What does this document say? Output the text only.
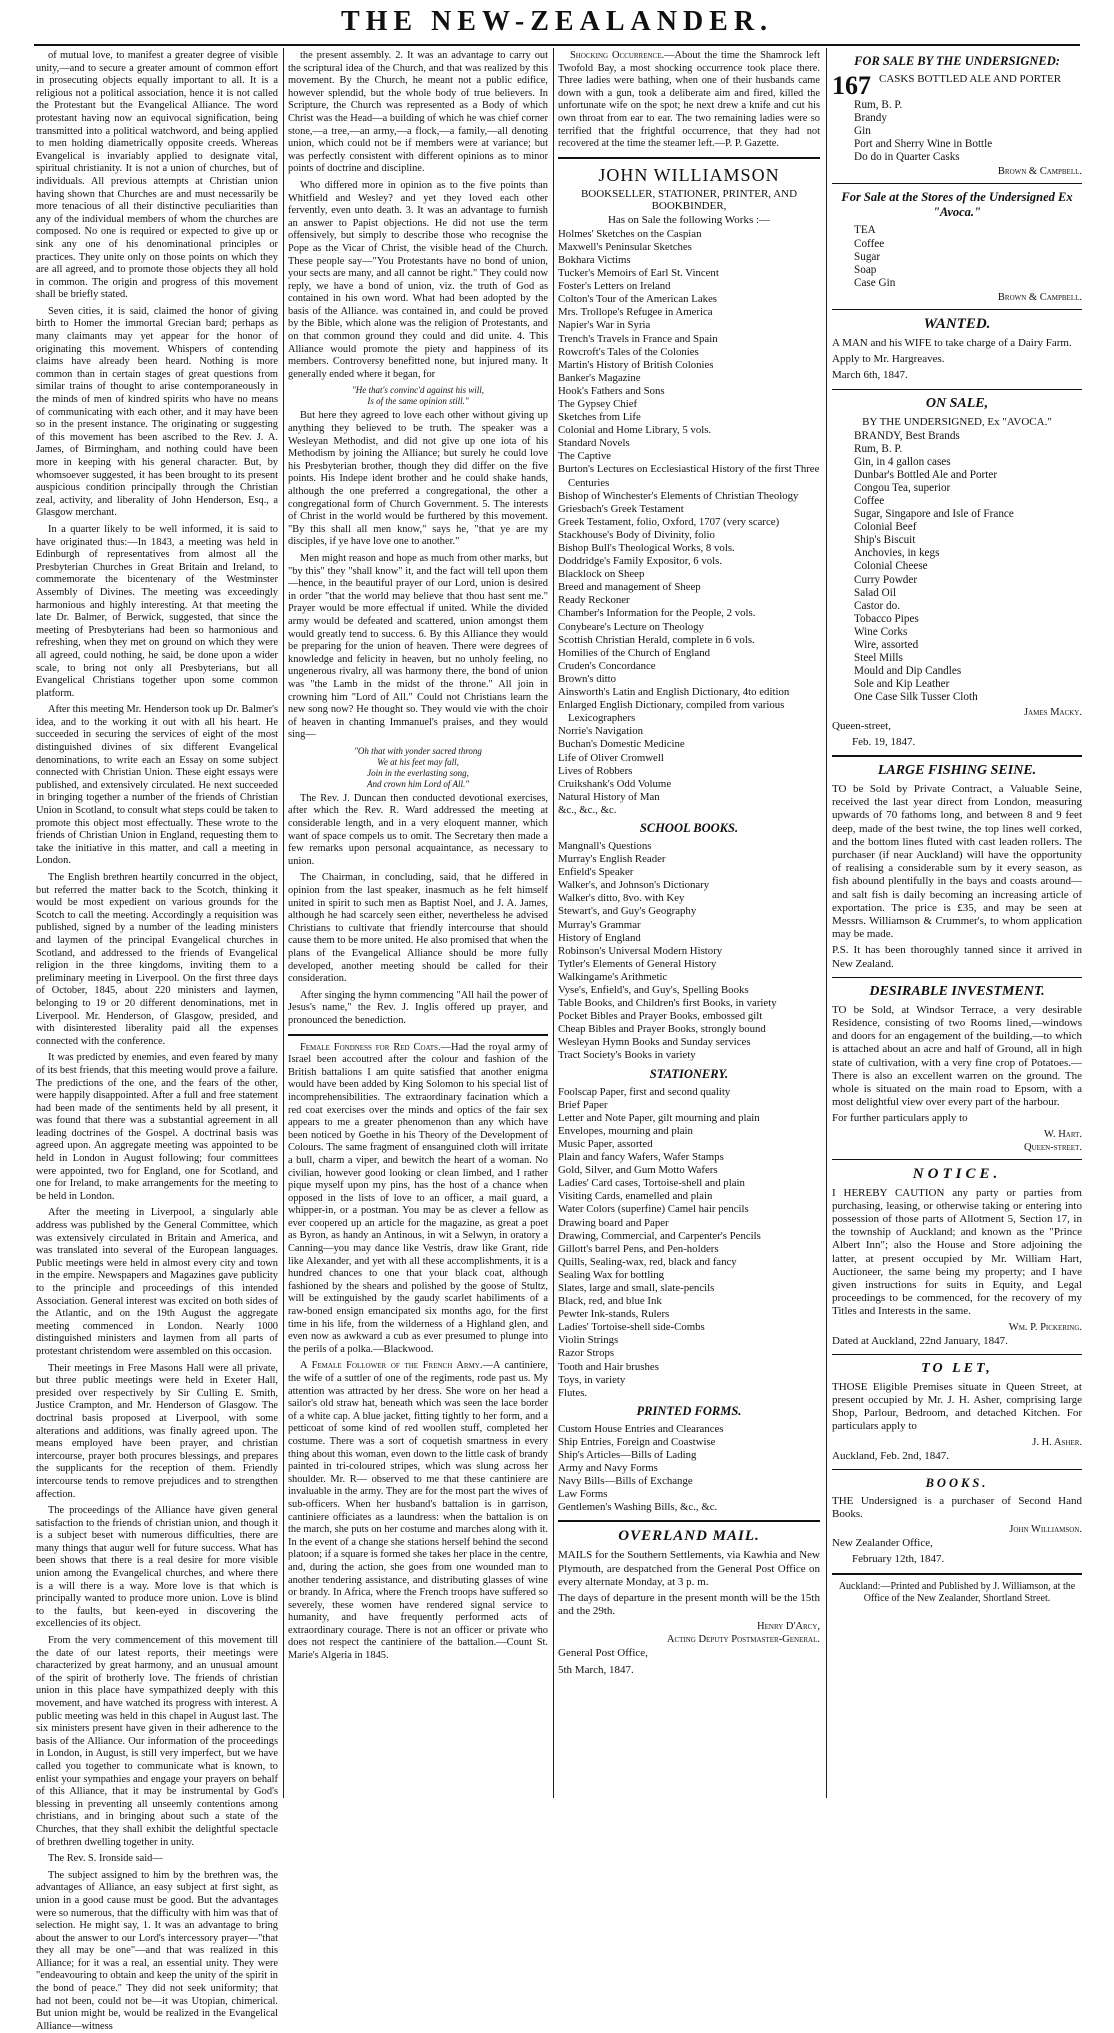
THE NEW-ZEALANDER.

of mutual love, to manifest a greater degree of visible unity,—and to secure a greater amount of common effort in prosecuting objects equally important to all. It is a religious not a political association, hence it is not called the Protestant but the Evangelical Alliance. The word protestant having now an equivocal signification, being transmitted into a political watchword, and being applied to men holding diametrically opposite creeds. Whereas Evangelical is invariably applied to designate vital, spiritual christianity. It is not a union of churches, but of individuals. All previous attempts at Christian union having shown that Churches are and must necessarily be more tenacious of all their distinctive peculiarities than any of the individual members of whom the churches are composed. No one is required or expected to give up or sink any one of his denominational principles or practices. They unite only on those points on which they are all agreed, and to promote those objects they all hold in common. The origin and progress of this movement shall be briefly stated.

Seven cities, it is said, claimed the honor of giving birth to Homer the immortal Grecian bard; perhaps as many claimants may yet appear for the honor of originating this movement. Whispers of contending claims have already been heard. Nothing is more common than in certain stages of great questions from similar trains of thought to arise contemporaneously in the minds of men of kindred spirits who have no means of communicating with each other, and it may have been so in the present instance. The originating or suggesting of this movement has been ascribed to the Rev. J. A. James, of Birmingham, and nothing could have been more in keeping with his general character. But, by whomsoever suggested, it has been brought to its present auspicious condition principally through the Christian zeal, activity, and liberality of John Henderson, Esq., a Glasgow merchant.

In a quarter likely to be well informed, it is said to have originated thus:—In 1843, a meeting was held in Edinburgh of representatives from almost all the Presbyterian Churches in Great Britain and Ireland, to commemorate the bicentenary of the Westminster Assembly of Divines. The meeting was exceedingly harmonious and highly interesting. At that meeting the late Dr. Balmer, of Berwick, suggested, that since the meeting of Presbyterians had been so harmonious and refreshing, when they met on ground on which they were all agreed, could nothing, he said, be done upon a wider scale, to bring not only all Presbyterians, but all Evangelical Christians together upon some common platform.

After this meeting Mr. Henderson took up Dr. Balmer's idea, and to the working it out with all his heart. He succeeded in securing the services of eight of the most distinguished divines of six different Evangelical denominations, to write each an Essay on some subject connected with Christian Union. These eight essays were published, and extensively circulated. He next succeeded in bringing together a number of the friends of Christian Union in Scotland, to consult what steps could be taken to promote this object most effectually. These wrote to the friends of Christian Union in England, requesting them to take the initiative in this matter, and call a meeting in London.

The English brethren heartily concurred in the object, but referred the matter back to the Scotch, thinking it would be most expedient on various grounds for the Scotch to call the meeting. Accordingly a requisition was published, signed by a number of the leading ministers and laymen of the principal Evangelical churches in Scotland, and addressed to the friends of Evangelical religion in the three kingdoms, inviting them to a preliminary meeting in Liverpool. On the first three days of October, 1845, about 220 ministers and laymen, belonging to 19 or 20 different denominations, met in Liverpool. Mr. Henderson, of Glasgow, presided, and with disinterested liberality paid all the expenses connected with the conference.

It was predicted by enemies, and even feared by many of its best friends, that this meeting would prove a failure. The predictions of the one, and the fears of the other, were happily disappointed. After a full and free statement had been made of the sentiments held by all present, it was found that there was a substantial agreement in all leading doctrines of the Gospel. A doctrinal basis was agreed upon. An aggregate meeting was appointed to be held in London in August following; four committees were appointed, two for England, one for Scotland, and one for Ireland, to make arrangements for the meeting to be held in London.

After the meeting in Liverpool, a singularly able address was published by the General Committee, which was extensively circulated in Britain and America, and was translated into several of the European languages. Public meetings were held in almost every city and town in the empire. Newspapers and Magazines gave publicity to the principle and proceedings of this intended Association. General interest was excited on both sides of the Atlantic, and on the 19th August the aggregate meeting commenced in London. Nearly 1000 distinguished ministers and laymen from all parts of protestant christendom were assembled on this occasion.

Their meetings in Free Masons Hall were all private, but three public meetings were held in Exeter Hall, presided over respectively by Sir Culling E. Smith, Justice Crampton, and Mr. Henderson of Glasgow. The doctrinal basis proposed at Liverpool, with some alterations and additions, was finally agreed upon. The means employed have been prayer, and christian intercourse, prayer both procures blessings, and prepares the supplicants for the reception of them. Friendly intercourse tends to remove prejudices and to strengthen affection.

The proceedings of the Alliance have given general satisfaction to the friends of christian union, and though it is a subject beset with numerous difficulties, there are many things that augur well for future success. What has been shows that there is a real desire for more visible union among the Evangelical churches, and where there is a will there is a way. More love is that which is principally wanted to produce more union. Love is blind to the faults, but keen-eyed in discovering the excellencies of its object.

From the very commencement of this movement till the date of our latest reports, their meetings were characterized by great harmony, and an unusual amount of the spirit of brotherly love. The friends of christian union in this place have sympathized deeply with this movement, and have watched its progress with interest. A public meeting was held in this chapel in August last. The six ministers present have given in their adherence to the basis of the Alliance. Our information of the proceedings in London, in August, is still very imperfect, but we have called you together to communicate what is known, to enlist your sympathies and engage your prayers on behalf of this Alliance, that it may be instrumental by God's blessing in preventing all unseemly contentions among christians, and in bringing about such a state of the Churches, that they shall exhibit the delightful spectacle of brethren dwelling together in unity.

The Rev. S. Ironside said—

The subject assigned to him by the brethren was, the advantages of Alliance, an easy subject at first sight, as union in a good cause must be good. But the advantages were so numerous, that the difficulty with him was that of selection. He might say, 1. It was an advantage to bring about the answer to our Lord's intercessory prayer—"that they all may be one"—and that was realized in this Alliance; for it was a real, an essential unity. They were "endeavouring to obtain and keep the unity of the spirit in the bond of peace." They did not seek uniformity; that had not been, could not be—it was Utopian, chimerical. But union might be, would be realized in the Evangelical Alliance—witness

the present assembly. 2. It was an advantage to carry out the scriptural idea of the Church, and that was realized by this movement. By the Church, he meant not a public edifice, however splendid, but the whole body of true believers. In Scripture, the Church was represented as a Body of which Christ was the Head—a building of which he was chief corner stone,—a tree,—an army,—a flock,—a family,—all denoting union, which could not be if members were at variance; but was perfectly consistent with different opinions as to minor points of doctrine and discipline.

Who differed more in opinion as to the five points than Whitfield and Wesley? and yet they loved each other fervently, even unto death. 3. It was an advantage to furnish an answer to Papist objections. He did not use the term offensively, but simply to describe those who recognise the Pope as the Vicar of Christ, the visible head of the Church. These people say—"You Protestants have no bond of union, your sects are many, and all cannot be right." They could now reply, we have a bond of union, viz. the truth of God as contained in his own word. What had been adopted by the basis of the Alliance. was contained in, and could be proved by the Bible, which alone was the religion of Protestants, and on that common ground they could and did unite. 4. This Alliance would promote the piety and happiness of its members. Controversy benefitted none, but injured many. It generally ended where it began, for

"He that's convinc'd against his will,
Is of the same opinion still."

But here they agreed to love each other without giving up anything they believed to be truth. The speaker was a Wesleyan Methodist, and did not give up one iota of his Methodism by joining the Alliance; but surely he could love his Presbyterian brother, though they did differ on the five points. His Indepe ident brother and he could shake hands, although the one preferred a congregational, the other a congregational form of Church Government. 5. The interests of Christ in the world would be furthered by this movement. "By this shall all men know," says he, "that ye are my disciples, if ye have love one to another."

Men might reason and hope as much from other marks, but "by this" they "shall know" it, and the fact will tell upon them—hence, in the beautiful prayer of our Lord, union is desired in order "that the world may believe that thou hast sent me." Prayer would be more effectual if united. While the divided army would be defeated and scattered, union amongst them would greatly tend to success. 6. By this Alliance they would be preparing for the union of heaven. There were degrees of knowledge and felicity in heaven, but no unholy feeling, no ungenerous rivalry, all was harmony there, the bond of union was "the Lamb in the midst of the throne." All join in crowning him "Lord of All." Could not Christians learn the new song now? He thought so. They would vie with the choir of heaven in chanting Immanuel's praises, and they would sing—

"Oh that with yonder sacred throng
We at his feet may fall,
Join in the everlasting song,
And crown him Lord of All."

The Rev. J. Duncan then conducted devotional exercises, after which the Rev. R. Ward addressed the meeting at considerable length, and in a very eloquent manner, which want of space compels us to omit. The Secretary then made a few remarks upon personal acquaintance, as necessary to union.

The Chairman, in concluding, said, that he differed in opinion from the last speaker, inasmuch as he felt himself united in spirit to such men as Baptist Noel, and J. A. James, although he had scarcely seen either, nevertheless he advised Christians to cultivate that friendly intercourse that should cause them to be more united. He also promised that when the plans of the Evangelical Alliance should be more fully developed, another meeting should be called for their consideration.

After singing the hymn commencing "All hail the power of Jesus's name," the Rev. J. Inglis offered up prayer, and pronounced the benediction.

Female Fondness for Red Coats.—Had the royal army of Israel been accoutred after the colour and fashion of the British battalions I am quite satisfied that another enigma would have been added by King Solomon to his special list of incomprehensibilities. The extraordinary facination which a red coat exercises over the minds and optics of the fair sex appears to me a greater phenomenon than any which have been noticed by Goethe in his Theory of the Development of Colours. The same fragment of ensanguined cloth will irritate a bull, charm a viper, and bewitch the heart of a woman. No civilian, however good looking or clean limbed, and I rather pique myself upon my pins, has the host of a chance when opposed in the lists of love to an officer, a mail guard, a whipper-in, or a postman. You may be as clever a fellow as ever coopered up an article for the magazine, as great a poet as Byron, as handy an Antinous, in wit a Selwyn, in oratory a Canning—you may dance like Vestris, draw like Grant, ride like Alexander, and yet with all these accomplishments, it is a hundred chances to one that your black coat, although fashioned by the shears and polished by the goose of Stultz, will be extinguished by the gaudy scarlet habiliments of a raw-boned ensign emancipated six months ago, for the first time in his life, from the wilderness of a Highland glen, and even now as awkward a cub as ever presumed to plunge into the perils of a polka.—Blackwood.

A Female Follower of the French Army.—A cantiniere, the wife of a suttler of one of the regiments, rode past us. My attention was attracted by her dress. She wore on her head a sailor's old straw hat, beneath which was seen the lace border of a white cap. A blue jacket, fitting tightly to her form, and a petticoat of some kind of red woollen stuff, completed her costume. There was a sort of coquetish smartness in every thing about this woman, even down to the little cask of brandy painted in tri-coloured stripes, which was slung across her shoulder. Mr. R— observed to me that these cantiniere are invaluable in the army. They are for the most part the wives of sub-officers. When her husband's battalion is in garrison, cantiniere officiates as a laundress: when the battalion is on the march, she puts on her costume and marches along with it. In the event of a change she stations herself behind the second platoon; if a square is formed she takes her place in the centre, and, during the action, she goes from one wounded man to another tendering assistance, and distributing glasses of wine or brandy. In Africa, where the French troops have suffered so severely, these women have rendered signal service to humanity, and have frequently performed acts of extraordinary courage. There is not an officer or private who does not respect the cantiniere of the battalion.—Count St. Marie's Algeria in 1845.

Shocking Occurrence.—About the time the Shamrock left Twofold Bay, a most shocking occurrence took place there. Three ladies were bathing, when one of their husbands came down with a gun, took a deliberate aim and fired, killed the unfortunate wife on the spot; he next drew a knife and cut his own throat from ear to ear. The two remaining ladies were so terrified that the frightful occurrence, that they had not recovered at the time the steamer left.—P. P. Gazette.

JOHN WILLIAMSON
BOOKSELLER, STATIONER, PRINTER, AND BOOKBINDER,
Has on Sale the following Works :—
Holmes' Sketches on the Caspian
Maxwell's Peninsular Sketches
Bokhara Victims
Tucker's Memoirs of Earl St. Vincent
Foster's Letters on Ireland
Colton's Tour of the American Lakes
Mrs. Trollope's Refugee in America
Napier's War in Syria
Trench's Travels in France and Spain
Rowcroft's Tales of the Colonies
Martin's History of British Colonies
Banker's Magazine
Hook's Fathers and Sons
The Gypsey Chief
Sketches from Life
Colonial and Home Library, 5 vols.
Standard Novels
The Captive
Burton's Lectures on Ecclesiastical History of the first Three Centuries
Bishop of Winchester's Elements of Christian Theology
Griesbach's Greek Testament
Greek Testament, folio, Oxford, 1707 (very scarce)
Stackhouse's Body of Divinity, folio
Bishop Bull's Theological Works, 8 vols.
Doddridge's Family Expositor, 6 vols.
Blacklock on Sheep
Breed and management of Sheep
Ready Reckoner
Chamber's Information for the People, 2 vols.
Conybeare's Lecture on Theology
Scottish Christian Herald, complete in 6 vols.
Homilies of the Church of England
Cruden's Concordance
Brown's ditto
Ainsworth's Latin and English Dictionary, 4to edition
Enlarged English Dictionary, compiled from various Lexicographers
Norrie's Navigation
Buchan's Domestic Medicine
Life of Oliver Cromwell
Lives of Robbers
Cruikshank's Odd Volume
Natural History of Man
&c., &c., &c.
SCHOOL BOOKS.
Mangnall's Questions
Murray's English Reader
Enfield's Speaker
Walker's, and Johnson's Dictionary
Walker's ditto, 8vo. with Key
Stewart's, and Guy's Geography
Murray's Grammar
History of England
Robinson's Universal Modern History
Tytler's Elements of General History
Walkingame's Arithmetic
Vyse's, Enfield's, and Guy's, Spelling Books
Table Books, and Children's first Books, in variety
Pocket Bibles and Prayer Books, embossed gilt
Cheap Bibles and Prayer Books, strongly bound
Wesleyan Hymn Books and Sunday services
Tract Society's Books in variety
STATIONERY.
Foolscap Paper, first and second quality
Brief Paper
Letter and Note Paper, gilt mourning and plain
Envelopes, mourning and plain
Music Paper, assorted
Plain and fancy Wafers, Wafer Stamps
Gold, Silver, and Gum Motto Wafers
Ladies' Card cases, Tortoise-shell and plain
Visiting Cards, enamelled and plain
Water Colors (superfine) Camel hair pencils
Drawing board and Paper
Drawing, Commercial, and Carpenter's Pencils
Gillott's barrel Pens, and Pen-holders
Quills, Sealing-wax, red, black and fancy
Sealing Wax for bottling
Slates, large and small, slate-pencils
Black, red, and blue Ink
Pewter Ink-stands, Rulers
Ladies' Tortoise-shell side-Combs
Violin Strings
Razor Strops
Tooth and Hair brushes
Toys, in variety
Flutes.
PRINTED FORMS.
Custom House Entries and Clearances
Ship Entries, Foreign and Coastwise
Ship's Articles—Bills of Lading
Army and Navy Forms
Navy Bills—Bills of Exchange
Law Forms
Gentlemen's Washing Bills, &c., &c.
OVERLAND MAIL.

MAILS for the Southern Settlements, via Kawhia and New Plymouth, are despatched from the General Post Office on every alternate Monday, at 3 p. m.

The days of departure in the present month will be the 15th and the 29th.

Henry D'Arcy,
Acting Deputy Postmaster-General.
General Post Office,
5th March, 1847.
FOR SALE BY THE UNDERSIGNED:
167 CASKS BOTTLED ALE AND PORTER
Rum, B. P.
Brandy
Gin
Port and Sherry Wine in Bottle
Do do in Quarter Casks
Brown & Campbell.
For Sale at the Stores of the Undersigned Ex "Avoca."
TEA
Coffee
Sugar
Soap
Case Gin
Brown & Campbell.
WANTED.

A MAN and his WIFE to take charge of a Dairy Farm.

Apply to Mr. Hargreaves.

March 6th, 1847.

ON SALE,
BY THE UNDERSIGNED, Ex "AVOCA."
BRANDY, Best Brands
Rum, B. P.
Gin, in 4 gallon cases
Dunbar's Bottled Ale and Porter
Congou Tea, superior
Coffee
Sugar, Singapore and Isle of France
Colonial Beef
Ship's Biscuit
Anchovies, in kegs
Colonial Cheese
Curry Powder
Salad Oil
Castor do.
Tobacco Pipes
Wine Corks
Wire, assorted
Steel Mills
Mould and Dip Candles
Sole and Kip Leather
One Case Silk Tusser Cloth
James Macky.
Queen-street,
Feb. 19, 1847.
LARGE FISHING SEINE.

TO be Sold by Private Contract, a Valuable Seine, received the last year direct from London, measuring upwards of 70 fathoms long, and between 8 and 9 feet deep, made of the best twine, the top lines well corked, and the bottom lines fluted with cast leaden rollers. The purchaser (if near Auckland) will have the opportunity of realising a considerable sum by it every season, as fish abound plentifully in the bays and coasts around—and salt fish is daily becoming an increasing article of exportation. The price is £35, and may be seen at Messrs. Williamson & Crummer's, to whom application may be made.

P.S. It has been thoroughly tanned since it arrived in New Zealand.

DESIRABLE INVESTMENT.

TO be Sold, at Windsor Terrace, a very desirable Residence, consisting of two Rooms lined,—windows and doors for an engagement of the building,—to which is attached about an acre and half of Ground, all in high state of cultivation, with a very fine crop of Potatoes.—There is also an excellent warren on the ground. The whole is situated on the main road to Epsom, with a most delightful view over every part of the harbour.

For further particulars apply to

W. Hart.
Queen-street.
NOTICE.

I HEREBY CAUTION any party or parties from purchasing, leasing, or otherwise taking or entering into possession of those parts of Allotment 5, Section 17, in the township of Auckland; and known as the "Prince Albert Inn"; also the House and Store adjoining the latter, at present occupied by Mr. William Hart, Auctioneer, the same being my property; and I have given instructions for suits in Equity, and Legal proceedings to be commenced, for the recovery of my Titles and Interests in the same.

Wm. P. Pickering.
Dated at Auckland, 22nd January, 1847.
TO LET,

THOSE Eligible Premises situate in Queen Street, at present occupied by Mr. J. H. Asher, comprising large Shop, Parlour, Bedroom, and detached Kitchen. For particulars apply to

J. H. Asher.
Auckland, Feb. 2nd, 1847.
BOOKS.

THE Undersigned is a purchaser of Second Hand Books.

John Williamson.
New Zealander Office,
February 12th, 1847.
Auckland:—Printed and Published by J. Williamson, at the Office of the New Zealander, Shortland Street.
